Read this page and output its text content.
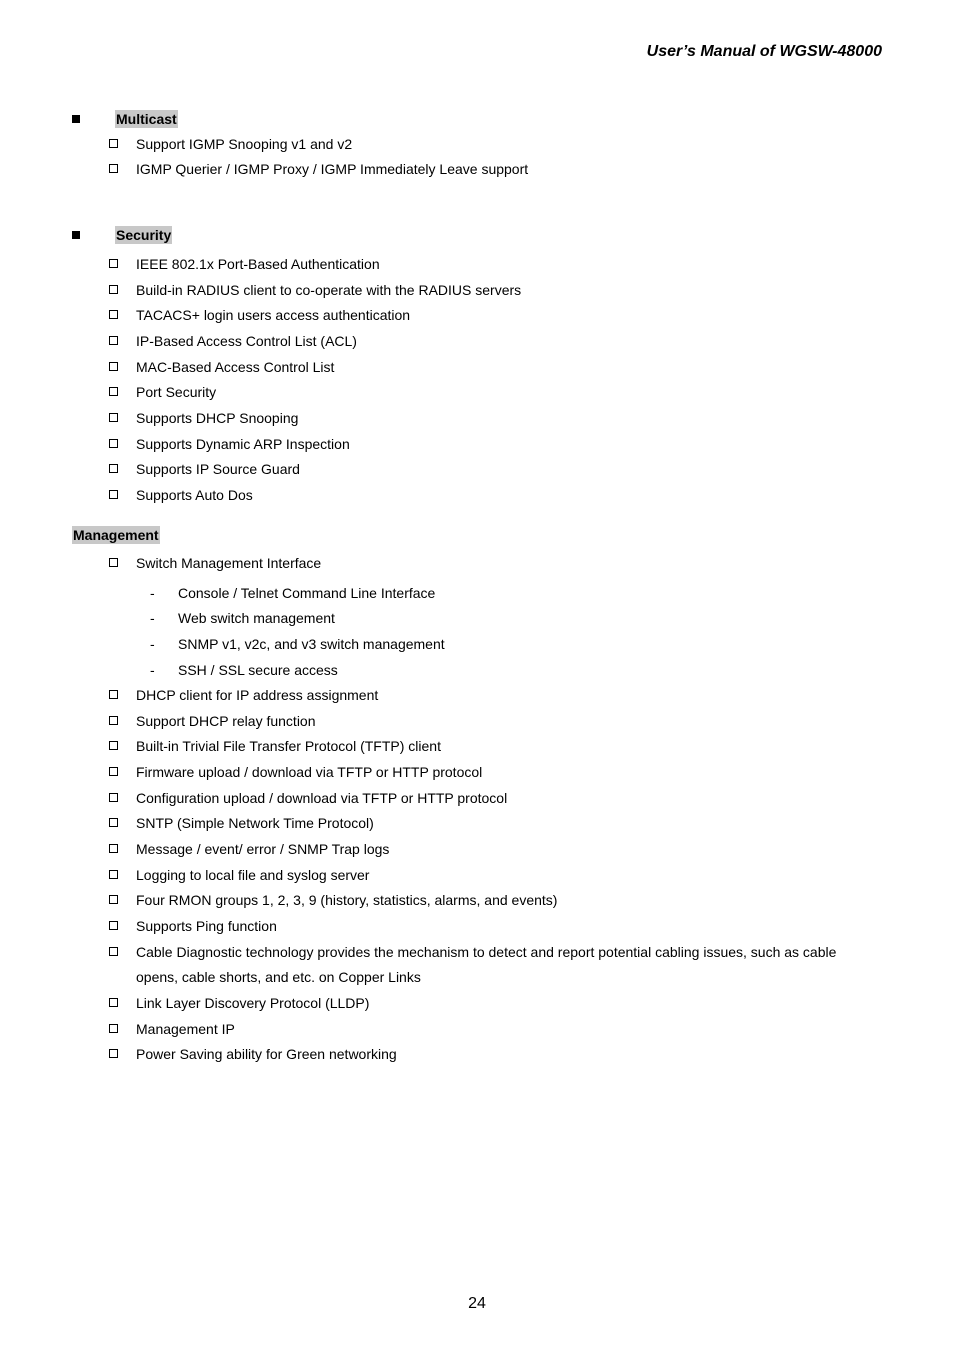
User’s Manual of WGSW-48000
Multicast
Support IGMP Snooping v1 and v2
IGMP Querier / IGMP Proxy / IGMP Immediately Leave support
Security
IEEE 802.1x Port-Based Authentication
Build-in RADIUS client to co-operate with the RADIUS servers
TACACS+ login users access authentication
IP-Based Access Control List (ACL)
MAC-Based Access Control List
Port Security
Supports DHCP Snooping
Supports Dynamic ARP Inspection
Supports IP Source Guard
Supports Auto Dos
Management
Switch Management Interface
- Console / Telnet Command Line Interface
- Web switch management
- SNMP v1, v2c, and v3 switch management
- SSH / SSL secure access
DHCP client for IP address assignment
Support DHCP relay function
Built-in Trivial File Transfer Protocol (TFTP) client
Firmware upload / download via TFTP or HTTP protocol
Configuration upload / download via TFTP or HTTP protocol
SNTP (Simple Network Time Protocol)
Message / event/ error / SNMP Trap logs
Logging to local file and syslog server
Four RMON groups 1, 2, 3, 9 (history, statistics, alarms, and events)
Supports Ping function
Cable Diagnostic technology provides the mechanism to detect and report potential cabling issues, such as cable opens, cable shorts, and etc. on Copper Links
Link Layer Discovery Protocol (LLDP)
Management IP
Power Saving ability for Green networking
24
